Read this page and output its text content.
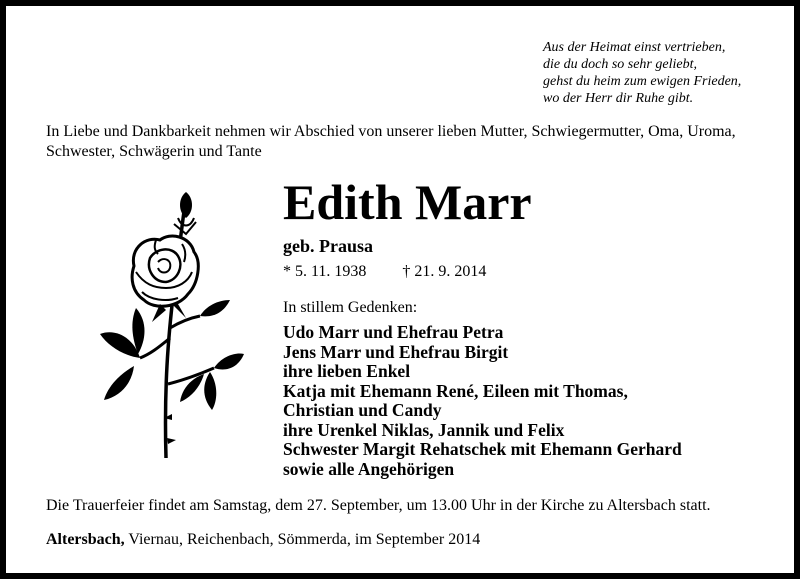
Aus der Heimat einst vertrieben,
die du doch so sehr geliebt,
gehst du heim zum ewigen Frieden,
wo der Herr dir Ruhe gibt.
In Liebe und Dankbarkeit nehmen wir Abschied von unserer lieben Mutter, Schwiegermutter, Oma, Uroma, Schwester, Schwägerin und Tante
Edith Marr
geb. Prausa
* 5. 11. 1938 † 21. 9. 2014
In stillem Gedenken:
Udo Marr und Ehefrau Petra
Jens Marr und Ehefrau Birgit
ihre lieben Enkel
Katja mit Ehemann René, Eileen mit Thomas,
Christian und Candy
ihre Urenkel Niklas, Jannik und Felix
Schwester Margit Rehatschek mit Ehemann Gerhard
sowie alle Angehörigen
Die Trauerfeier findet am Samstag, dem 27. September, um 13.00 Uhr in der Kirche zu Altersbach statt.
Altersbach, Viernau, Reichenbach, Sömmerda, im September 2014
